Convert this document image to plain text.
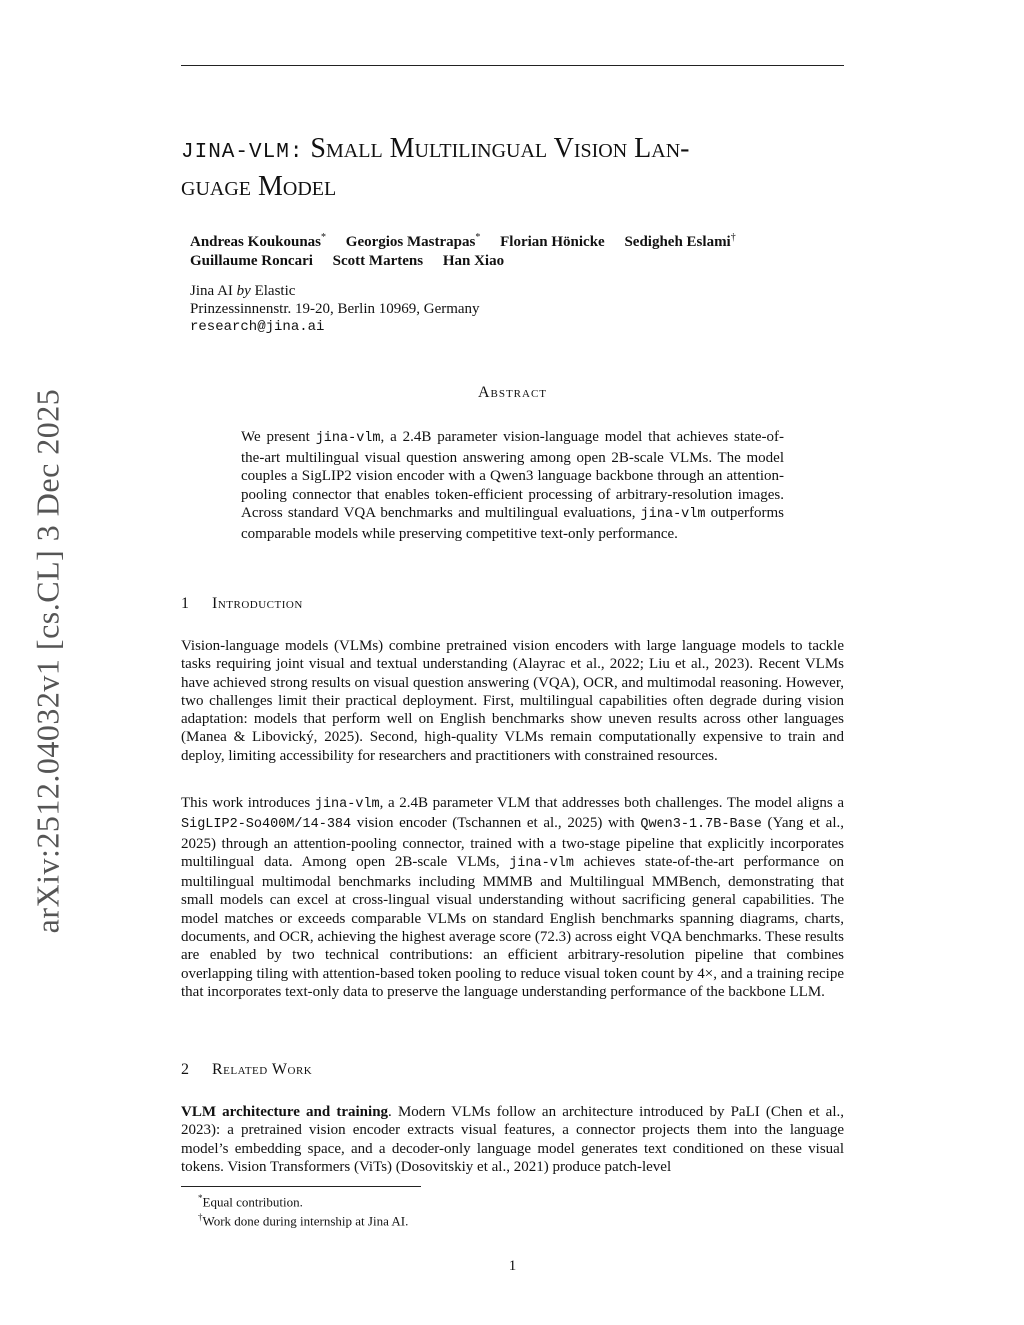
arXiv:2512.04032v1 [cs.CL] 3 Dec 2025
JINA-VLM: Small Multilingual Vision Lan-
guage Model
Andreas Koukounas* Georgios Mastrapas* Florian Hönicke Sedigheh Eslami†
Guillaume Roncari Scott Martens Han Xiao
Jina AI by Elastic
Prinzessinnenstr. 19-20, Berlin 10969, Germany
research@jina.ai
Abstract
We present jina-vlm, a 2.4B parameter vision-language model that achieves state-of-the-art multilingual visual question answering among open 2B-scale VLMs. The model couples a SigLIP2 vision encoder with a Qwen3 language backbone through an attention-pooling connector that enables token-efficient processing of arbitrary-resolution images. Across standard VQA benchmarks and multilingual evaluations, jina-vlm outperforms comparable models while preserving competitive text-only performance.
1 Introduction
Vision-language models (VLMs) combine pretrained vision encoders with large language models to tackle tasks requiring joint visual and textual understanding (Alayrac et al., 2022; Liu et al., 2023). Recent VLMs have achieved strong results on visual question answering (VQA), OCR, and multimodal reasoning. However, two challenges limit their practical deployment. First, multilingual capabilities often degrade during vision adaptation: models that perform well on English benchmarks show uneven results across other languages (Manea & Libovický, 2025). Second, high-quality VLMs remain computationally expensive to train and deploy, limiting accessibility for researchers and practitioners with constrained resources.
This work introduces jina-vlm, a 2.4B parameter VLM that addresses both challenges. The model aligns a SigLIP2-So400M/14-384 vision encoder (Tschannen et al., 2025) with Qwen3-1.7B-Base (Yang et al., 2025) through an attention-pooling connector, trained with a two-stage pipeline that explicitly incorporates multilingual data. Among open 2B-scale VLMs, jina-vlm achieves state-of-the-art performance on multilingual multimodal benchmarks including MMMB and Multilingual MMBench, demonstrating that small models can excel at cross-lingual visual understanding without sacrificing general capabilities. The model matches or exceeds comparable VLMs on standard English benchmarks spanning diagrams, charts, documents, and OCR, achieving the highest average score (72.3) across eight VQA benchmarks. These results are enabled by two technical contributions: an efficient arbitrary-resolution pipeline that combines overlapping tiling with attention-based token pooling to reduce visual token count by 4×, and a training recipe that incorporates text-only data to preserve the language understanding performance of the backbone LLM.
2 Related Work
VLM architecture and training. Modern VLMs follow an architecture introduced by PaLI (Chen et al., 2023): a pretrained vision encoder extracts visual features, a connector projects them into the language model’s embedding space, and a decoder-only language model generates text conditioned on these visual tokens. Vision Transformers (ViTs) (Dosovitskiy et al., 2021) produce patch-level
*Equal contribution.
†Work done during internship at Jina AI.
1
